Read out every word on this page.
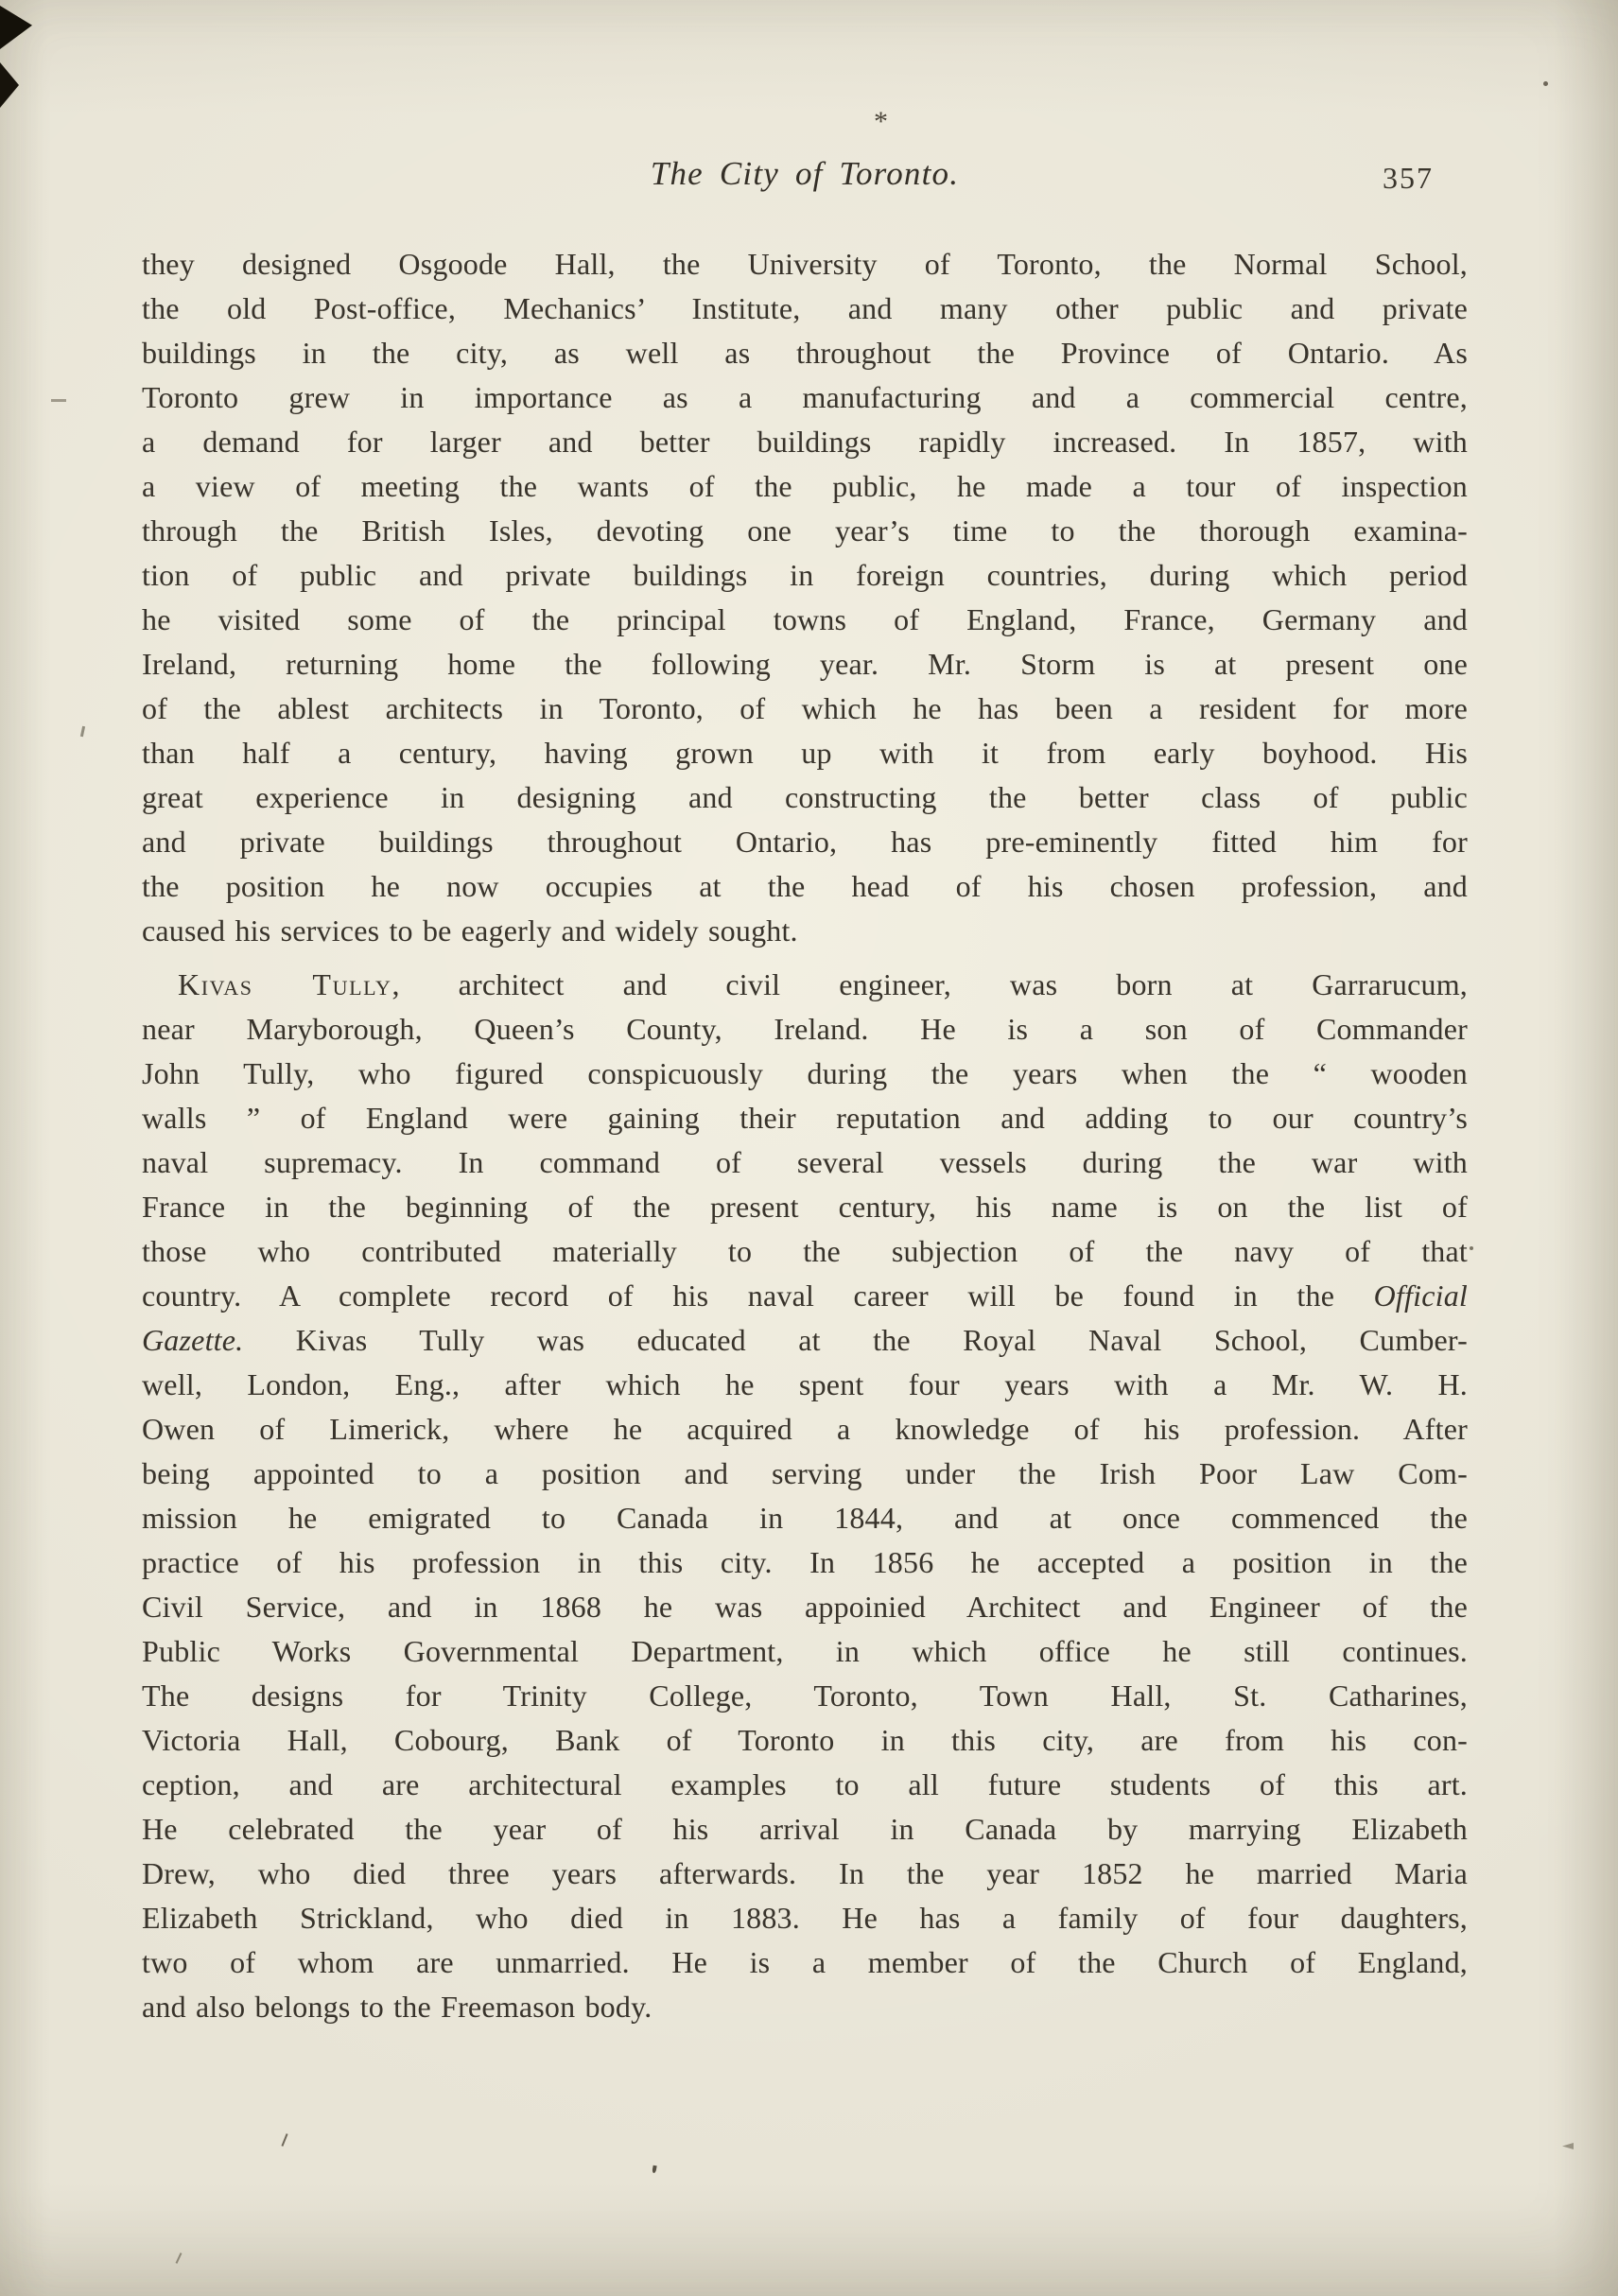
*
The City of Toronto.	357
they designed Osgoode Hall, the University of Toronto, the Normal School,
the old Post-office, Mechanics’ Institute, and many other public and private
buildings in the city, as well as throughout the Province of Ontario. As
Toronto grew in importance as a manufacturing and a commercial centre,
a demand for larger and better buildings rapidly increased. In 1857, with
a view of meeting the wants of the public, he made a tour of inspection
through the British Isles, devoting one year’s time to the thorough examina-
tion of public and private buildings in foreign countries, during which period
he visited some of the principal towns of England, France, Germany and
Ireland, returning home the following year. Mr. Storm is at present one
of the ablest architects in Toronto, of which he has been a resident for more
than half a century, having grown up with it from early boyhood. His
great experience in designing and constructing the better class of public
and private buildings throughout Ontario, has pre-eminently fitted him for
the position he now occupies at the head of his chosen profession, and
caused his services to be eagerly and widely sought.
Kivas Tully, architect and civil engineer, was born at Garrarucum,
near Maryborough, Queen’s County, Ireland. He is a son of Commander
John Tully, who figured conspicuously during the years when the “ wooden
walls ” of England were gaining their reputation and adding to our country’s
naval supremacy. In command of several vessels during the war with
France in the beginning of the present century, his name is on the list of
those who contributed materially to the subjection of the navy of that
country. A complete record of his naval career will be found in the Official
Gazette. Kivas Tully was educated at the Royal Naval School, Cumber-
well, London, Eng., after which he spent four years with a Mr. W. H.
Owen of Limerick, where he acquired a knowledge of his profession. After
being appointed to a position and serving under the Irish Poor Law Com-
mission he emigrated to Canada in 1844, and at once commenced the
practice of his profession in this city. In 1856 he accepted a position in the
Civil Service, and in 1868 he was appoinied Architect and Engineer of the
Public Works Governmental Department, in which office he still continues.
The designs for Trinity College, Toronto, Town Hall, St. Catharines,
Victoria Hall, Cobourg, Bank of Toronto in this city, are from his con-
ception, and are architectural examples to all future students of this art.
He celebrated the year of his arrival in Canada by marrying Elizabeth
Drew, who died three years afterwards. In the year 1852 he married Maria
Elizabeth Strickland, who died in 1883. He has a family of four daughters,
two of whom are unmarried. He is a member of the Church of England,
and also belongs to the Freemason body.
